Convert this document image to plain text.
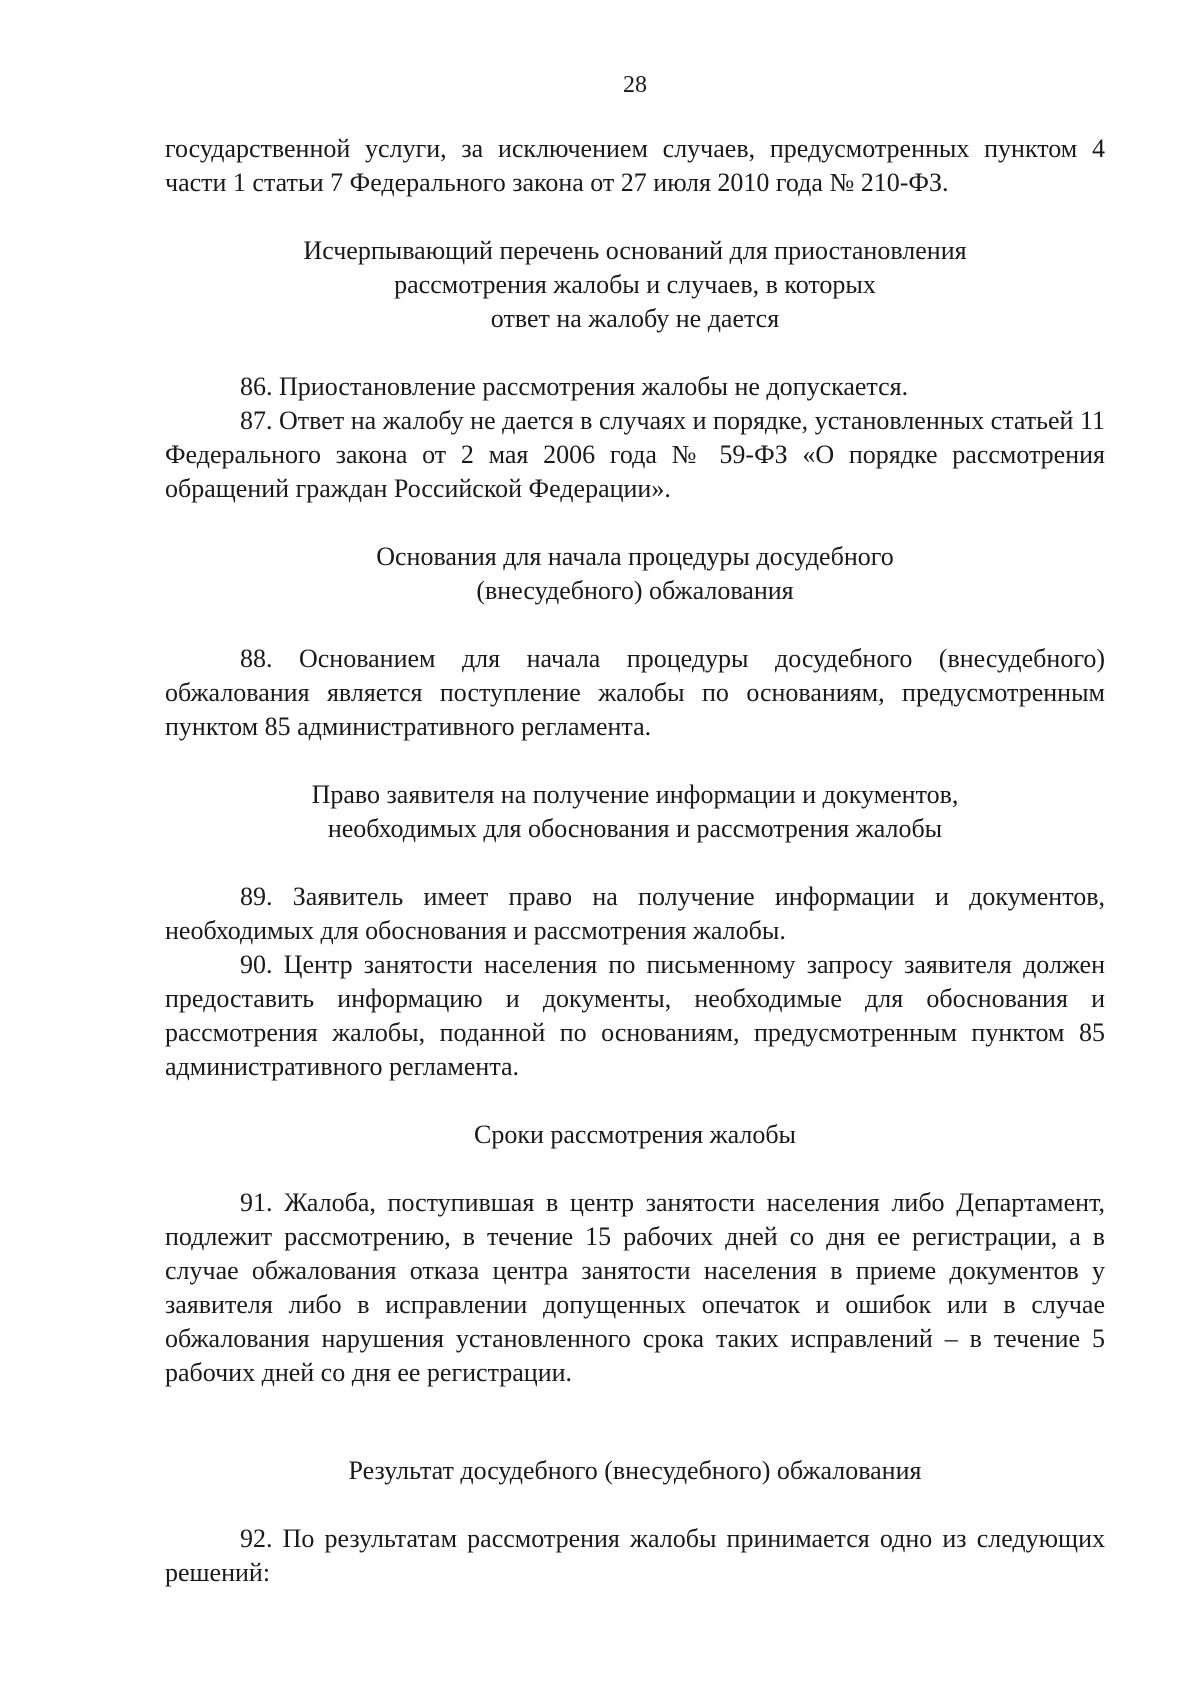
28

государственной услуги, за исключением случаев, предусмотренных пунктом 4 части 1 статьи 7 Федерального закона от 27 июля 2010 года № 210-ФЗ.

Исчерпывающий перечень оснований для приостановления

рассмотрения жалобы и случаев, в которых

ответ на жалобу не дается

86. Приостановление рассмотрения жалобы не допускается.

87. Ответ на жалобу не дается в случаях и порядке, установленных статьей 11 Федерального закона от 2 мая 2006 года № 59-ФЗ «О порядке рассмотрения обращений граждан Российской Федерации».

Основания для начала процедуры досудебного

(внесудебного) обжалования

88. Основанием для начала процедуры досудебного (внесудебного) обжалования является поступление жалобы по основаниям, предусмотренным пунктом 85 административного регламента.

Право заявителя на получение информации и документов,

необходимых для обоснования и рассмотрения жалобы

89. Заявитель имеет право на получение информации и документов, необходимых для обоснования и рассмотрения жалобы.

90. Центр занятости населения по письменному запросу заявителя должен предоставить информацию и документы, необходимые для обоснования и рассмотрения жалобы, поданной по основаниям, предусмотренным пунктом 85 административного регламента.

Сроки рассмотрения жалобы

91. Жалоба, поступившая в центр занятости населения либо Департамент, подлежит рассмотрению, в течение 15 рабочих дней со дня ее регистрации, а в случае обжалования отказа центра занятости населения в приеме документов у заявителя либо в исправлении допущенных опечаток и ошибок или в случае обжалования нарушения установленного срока таких исправлений – в течение 5 рабочих дней со дня ее регистрации.

Результат досудебного (внесудебного) обжалования

92. По результатам рассмотрения жалобы принимается одно из следующих решений:
